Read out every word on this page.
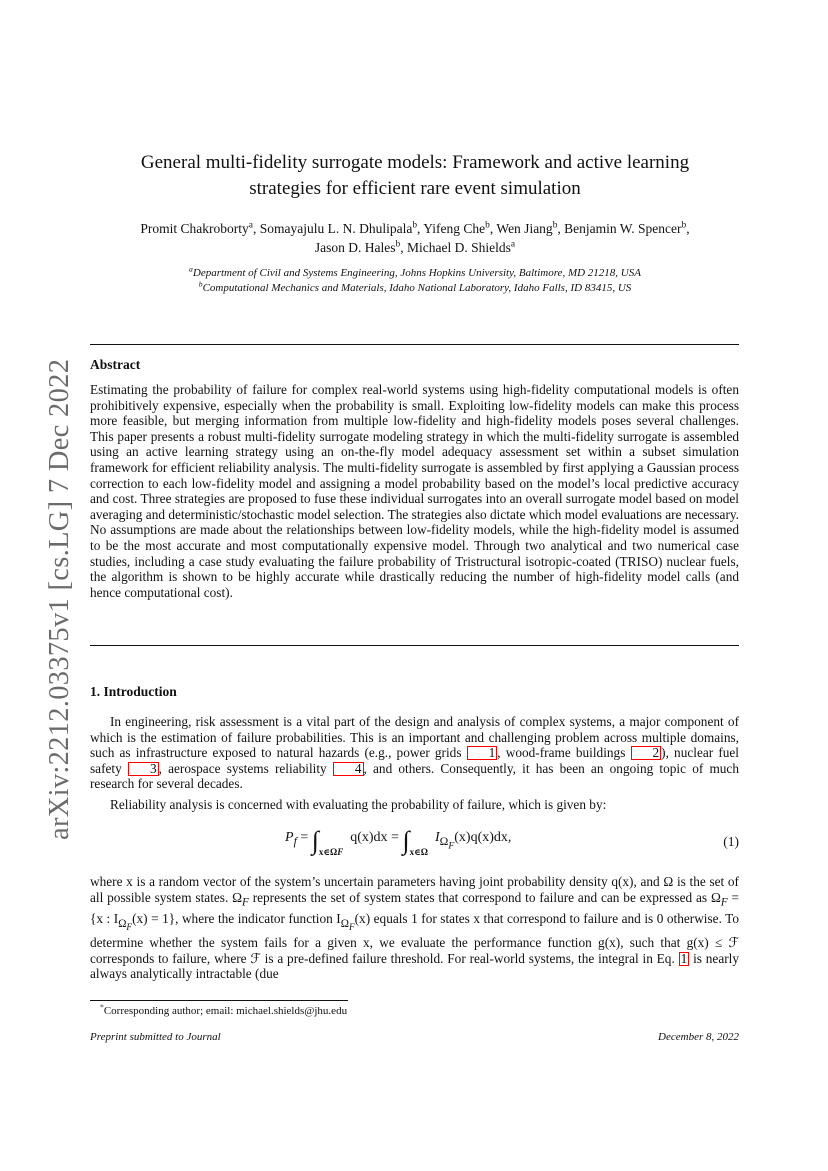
arXiv:2212.03375v1 [cs.LG] 7 Dec 2022
General multi-fidelity surrogate models: Framework and active learning
strategies for efficient rare event simulation
Promit Chakroborty$^a$, Somayajulu L. N. Dhulipala$^b$, Yifeng Che$^b$, Wen Jiang$^b$, Benjamin W. Spencer$^b$,
Jason D. Hales$^b$, Michael D. Shields$^a$
$^a$Department of Civil and Systems Engineering, Johns Hopkins University, Baltimore, MD 21218, USA
$^b$Computational Mechanics and Materials, Idaho National Laboratory, Idaho Falls, ID 83415, US
Abstract
Estimating the probability of failure for complex real-world systems using high-fidelity computational models is often prohibitively expensive, especially when the probability is small. Exploiting low-fidelity models can make this process more feasible, but merging information from multiple low-fidelity and high-fidelity models poses several challenges. This paper presents a robust multi-fidelity surrogate modeling strategy in which the multi-fidelity surrogate is assembled using an active learning strategy using an on-the-fly model adequacy assessment set within a subset simulation framework for efficient reliability analysis. The multi-fidelity surrogate is assembled by first applying a Gaussian process correction to each low-fidelity model and assigning a model probability based on the model’s local predictive accuracy and cost. Three strategies are proposed to fuse these individual surrogates into an overall surrogate model based on model averaging and deterministic/stochastic model selection. The strategies also dictate which model evaluations are necessary. No assumptions are made about the relationships between low-fidelity models, while the high-fidelity model is assumed to be the most accurate and most computationally expensive model. Through two analytical and two numerical case studies, including a case study evaluating the failure probability of Tristructural isotropic-coated (TRISO) nuclear fuels, the algorithm is shown to be highly accurate while drastically reducing the number of high-fidelity model calls (and hence computational cost).
1. Introduction
In engineering, risk assessment is a vital part of the design and analysis of complex systems, a major component of which is the estimation of failure probabilities. This is an important and challenging problem across multiple domains, such as infrastructure exposed to natural hazards (e.g., power grids 1 , wood-frame buildings 2 ), nuclear fuel safety 3 , aerospace systems reliability 4 , and others. Consequently, it has been an ongoing topic of much research for several decades.
Reliability analysis is concerned with evaluating the probability of failure, which is given by:
$P_f = \int_{x\in\Omega F}$  $q(x)dx = \int_{x\in\Omega}$  $I_{\Omega_F}(x)q(x)dx$,	(1)
where x is a random vector of the system’s uncertain parameters having joint probability density q(x), and Ω is the set of all possible system states. $\Omega_F$ represents the set of system states that correspond to failure and can be expressed as $\Omega_F = \{x$ : $I_{\Omega_F}(x) = 1$}, where the indicator function $I_{\Omega_F}(x)$ equals 1 for states x that correspond to failure and is 0 otherwise. To determine whether the system fails for a given x, we evaluate the performance function g(x), such that g(x) ≤ ℱ corresponds to failure, where ℱ is a pre-defined failure threshold. For real-world systems, the integral in Eq. 1 is nearly always analytically intractable (due
*Corresponding author; email: michael.shields@jhu.edu
Preprint submitted to Journal	December 8, 2022
